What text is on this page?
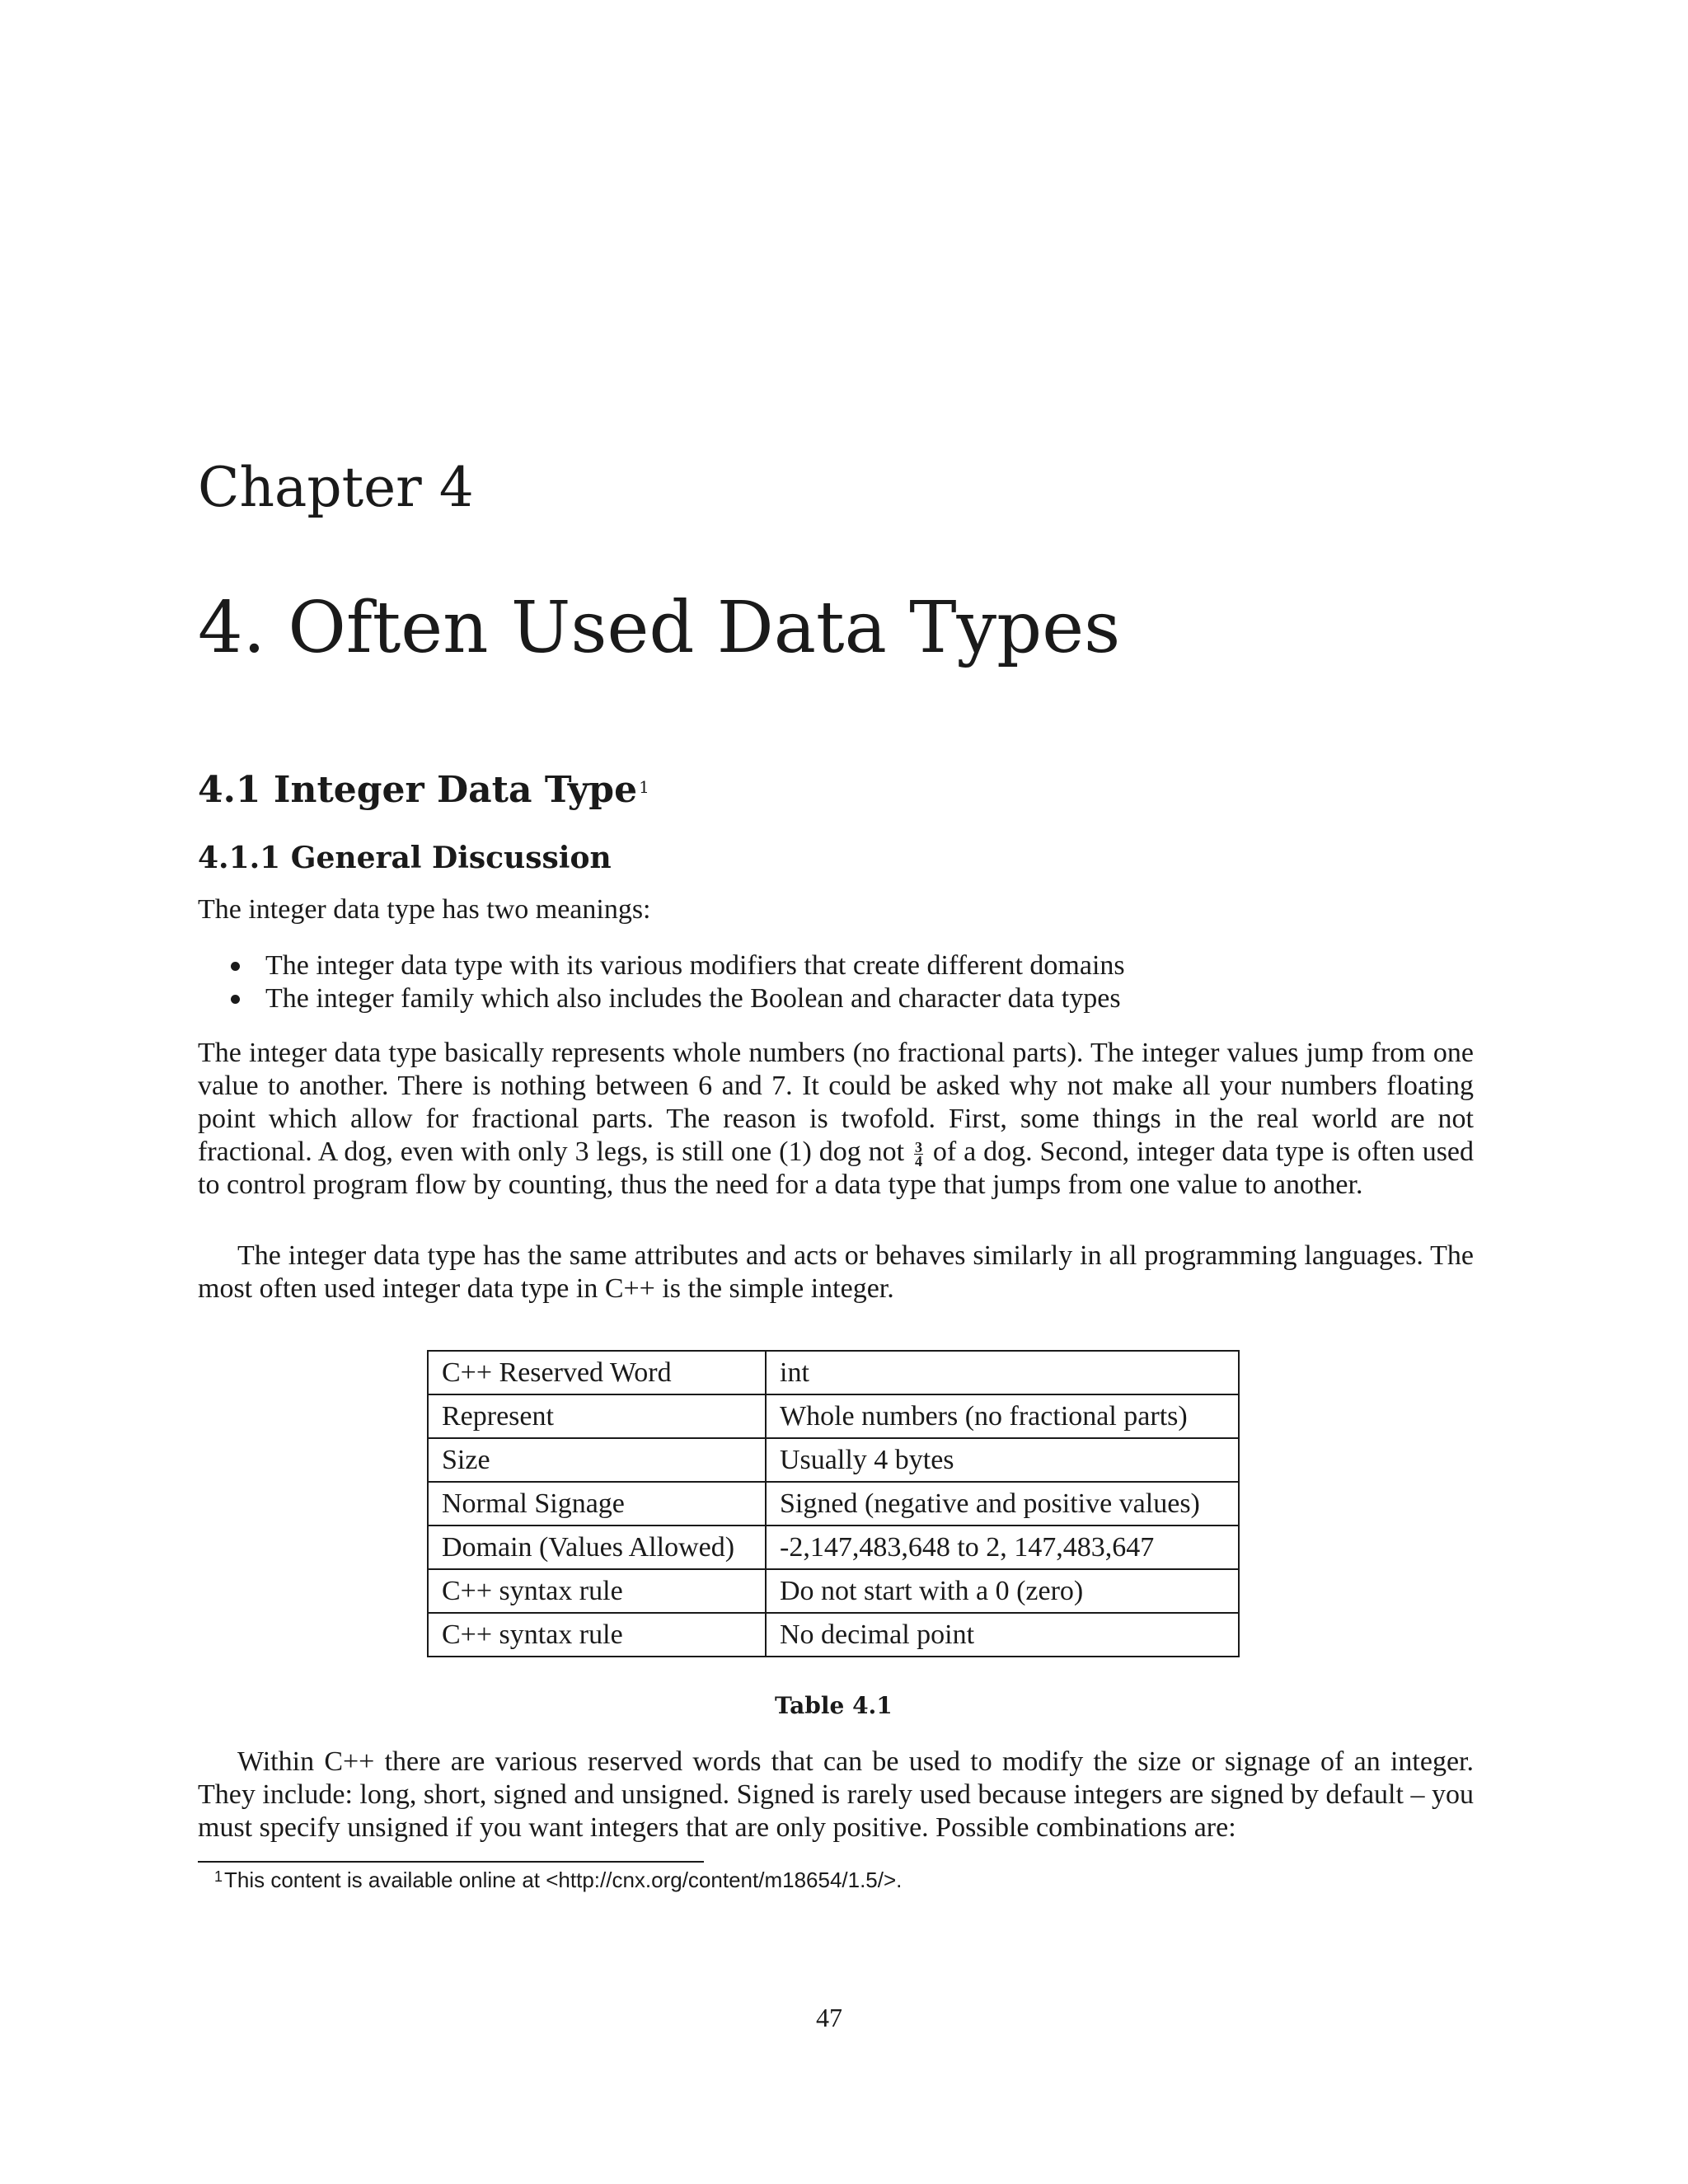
Chapter 4
4. Often Used Data Types
4.1 Integer Data Type $^1$
4.1.1 General Discussion
The integer data type has two meanings:
The integer data type with its various modifiers that create different domains
The integer family which also includes the Boolean and character data types
The integer data type basically represents whole numbers (no fractional parts). The integer values jump from one value to another. There is nothing between 6 and 7. It could be asked why not make all your numbers floating point which allow for fractional parts. The reason is twofold. First, some things in the real world are not fractional. A dog, even with only 3 legs, is still one (1) dog not $\frac{3}{4}$ of a dog. Second, integer data type is often used to control program flow by counting, thus the need for a data type that jumps from one value to another.
The integer data type has the same attributes and acts or behaves similarly in all programming languages. The most often used integer data type in C++ is the simple integer.
C++ Reserved Word	int
Represent	Whole numbers (no fractional parts)
Size	Usually 4 bytes
Normal Signage	Signed (negative and positive values)
Domain (Values Allowed)	-2,147,483,648 to 2, 147,483,647
C++ syntax rule	Do not start with a 0 (zero)
C++ syntax rule	No decimal point
Table 4.1
Within C++ there are various reserved words that can be used to modify the size or signage of an integer. They include: long, short, signed and unsigned. Signed is rarely used because integers are signed by default – you must specify unsigned if you want integers that are only positive. Possible combinations are:
1 This content is available online at <http://cnx.org/content/m18654/1.5/>.
47
